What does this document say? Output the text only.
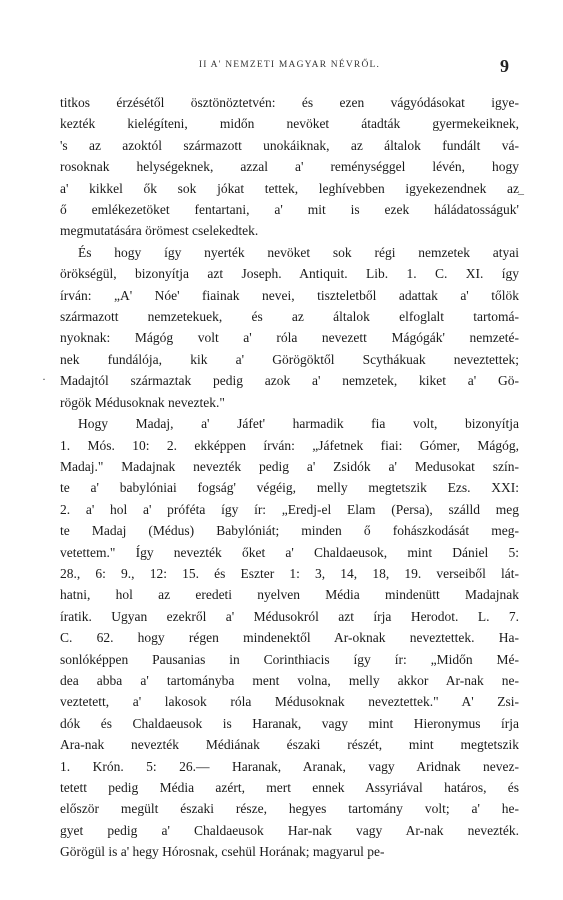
II A' NEMZETI MAGYAR NÉVRŐL.	9
–
·
titkos érzésétől ösztönöztetvén: és ezen vágyódásokat igye-
kezték kielégíteni, midőn nevöket átadták gyermekeiknek,
's az azoktól származott unokáiknak, az általok fundált vá-
rosoknak helységeknek, azzal a' reménységgel lévén, hogy
a' kikkel ők sok jókat tettek, leghívebben igyekezendnek az
ő emlékezetöket fentartani, a' mit is ezek háládatosságuk'
megmutatására örömest cselekedtek.
És hogy így nyerték nevöket sok régi nemzetek atyai
örökségül, bizonyítja azt Joseph. Antiquit. Lib. 1. C. XI. így
írván: „A' Nóe' fiainak nevei, tiszteletből adattak a' tőlök
származott nemzetekuek, és az általok elfoglalt tartomá-
nyoknak: Mágóg volt a' róla nevezett Mágógák' nemzeté-
nek fundálója, kik a' Görögöktől Scythákuak neveztettek;
Madajtól származtak pedig azok a' nemzetek, kiket a' Gö-
rögök Médusoknak neveztek."
Hogy Madaj, a' Jáfet' harmadik fia volt, bizonyítja
1. Mós. 10: 2. ekképpen írván: „Jáfetnek fiai: Gómer, Mágóg,
Madaj." Madajnak nevezték pedig a' Zsidók a' Medusokat szín-
te a' babylóniai fogság' végéig, melly megtetszik Ezs. XXI:
2. a' hol a' próféta így ír: „Eredj-el Elam (Persa), szálld meg
te Madaj (Médus) Babylóniát; minden ő fohászkodását meg-
vetettem." Így nevezték őket a' Chaldaeusok, mint Dániel 5:
28., 6: 9., 12: 15. és Eszter 1: 3, 14, 18, 19. verseiből lát-
hatni, hol az eredeti nyelven Média mindenütt Madajnak
íratik. Ugyan ezekről a' Médusokról azt írja Herodot. L. 7.
C. 62. hogy régen mindenektől Ar-oknak neveztettek. Ha-
sonlóképpen Pausanias in Corinthiacis így ír: „Midőn Mé-
dea abba a' tartományba ment volna, melly akkor Ar-nak ne-
veztetett, a' lakosok róla Médusoknak neveztettek." A' Zsi-
dók és Chaldaeusok is Haranak, vagy mint Hieronymus írja
Ara-nak nevezték Médiának északi részét, mint megtetszik
1. Krón. 5: 26.— Haranak, Aranak, vagy Aridnak nevez-
tetett pedig Média azért, mert ennek Assyriával határos, és
először megült északi része, hegyes tartomány volt; a' he-
gyet pedig a' Chaldaeusok Har-nak vagy Ar-nak nevezték.
Görögül is a' hegy Hórosnak, csehül Horának; magyarul pe-
